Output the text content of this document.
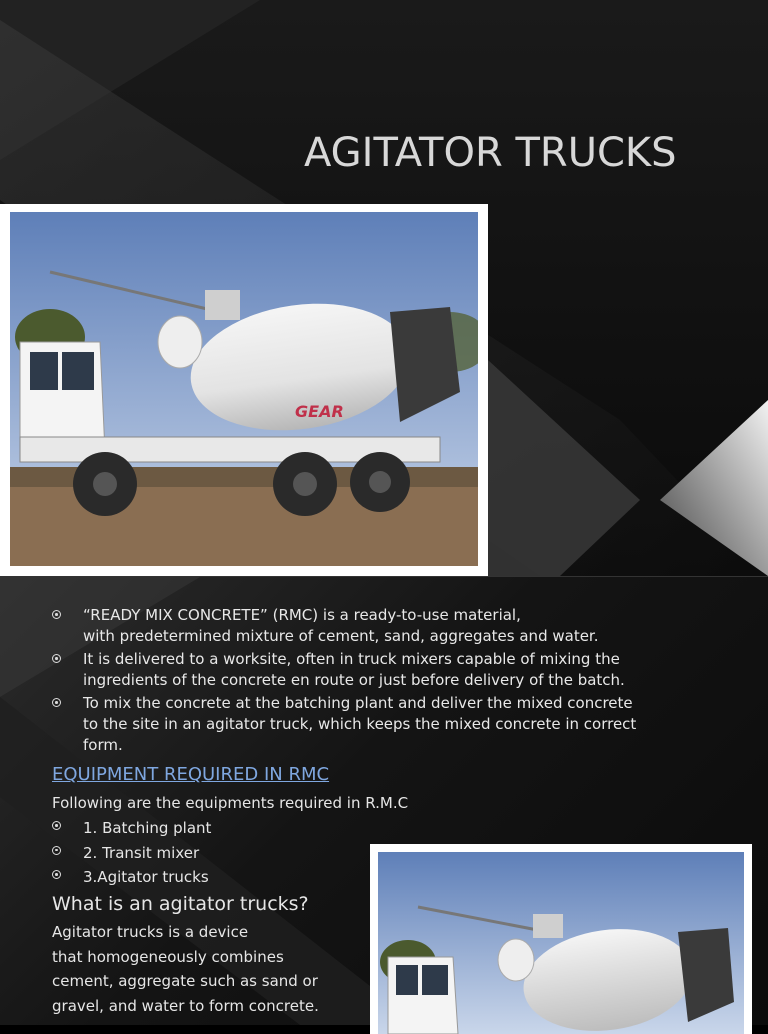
AGITATOR TRUCKS
GEAR
“READY MIX CONCRETE” (RMC) is a ready-to-use material,
with predetermined mixture of cement, sand, aggregates and water.
It is delivered to a worksite, often in truck mixers capable of mixing the
ingredients of the concrete en route or just before delivery of the batch.
To mix the concrete at the batching plant and deliver the mixed concrete
to the site in an agitator truck, which keeps the mixed concrete in correct
form.
EQUIPMENT REQUIRED IN RMC
Following are the equipments required in R.M.C
1. Batching plant
2. Transit mixer
3.Agitator trucks
What is an agitator trucks?
Agitator trucks is a device
that homogeneously combines
cement, aggregate such as sand or
gravel, and water to form concrete.
